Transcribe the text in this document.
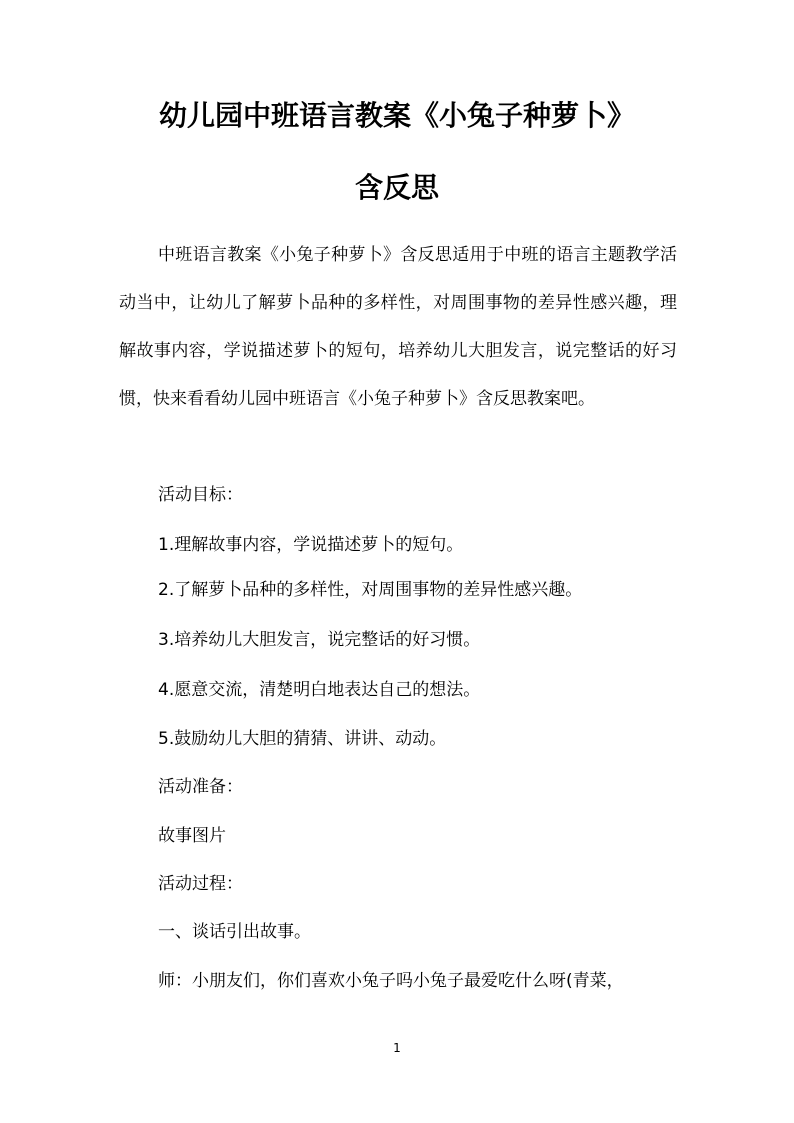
幼儿园中班语言教案《小兔子种萝卜》
含反思

中班语言教案《小兔子种萝卜》含反思适用于中班的语言主题教学活动当中，让幼儿了解萝卜品种的多样性，对周围事物的差异性感兴趣，理解故事内容，学说描述萝卜的短句，培养幼儿大胆发言，说完整话的好习惯，快来看看幼儿园中班语言《小兔子种萝卜》含反思教案吧。

活动目标：

1.理解故事内容，学说描述萝卜的短句。

2.了解萝卜品种的多样性，对周围事物的差异性感兴趣。

3.培养幼儿大胆发言，说完整话的好习惯。

4.愿意交流，清楚明白地表达自己的想法。

5.鼓励幼儿大胆的猜猜、讲讲、动动。

活动准备：

故事图片

活动过程：

一、谈话引出故事。

师：小朋友们，你们喜欢小兔子吗小兔子最爱吃什么呀(青菜，

1
